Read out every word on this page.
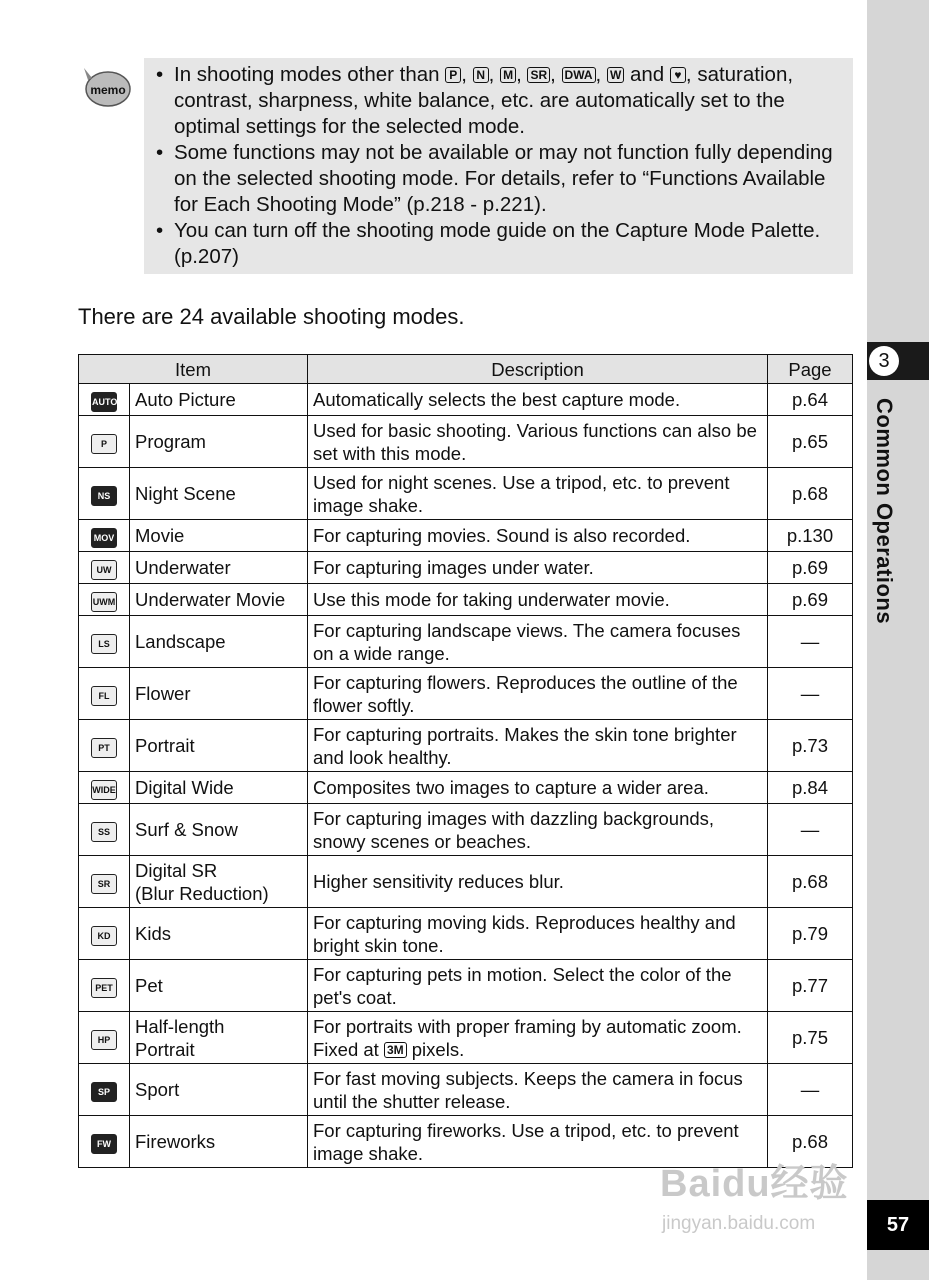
3
Common Operations
57
memo
• In shooting modes other than P , N , M , SR , DWA , W and ♥ , saturation, contrast, sharpness, white balance, etc. are automatically set to the optimal settings for the selected mode.
• Some functions may not be available or may not function fully depending on the selected shooting mode. For details, refer to “Functions Available for Each Shooting Mode” (p.218 - p.221).
• You can turn off the shooting mode guide on the Capture Mode Palette. (p.207)
There are 24 available shooting modes.
Item		Description	Page
AUTO	Auto Picture	Automatically selects the best capture mode.	p.64
P	Program	Used for basic shooting. Various functions can also be set with this mode.	p.65
NS	Night Scene	Used for night scenes. Use a tripod, etc. to prevent image shake.	p.68
MOV	Movie	For capturing movies. Sound is also recorded.	p.130
UW	Underwater	For capturing images under water.	p.69
UWM	Underwater Movie	Use this mode for taking underwater movie.	p.69
LS	Landscape	For capturing landscape views. The camera focuses on a wide range.	—
FL	Flower	For capturing flowers. Reproduces the outline of the flower softly.	—
PT	Portrait	For capturing portraits. Makes the skin tone brighter and look healthy.	p.73
WIDE	Digital Wide	Composites two images to capture a wider area.	p.84
SS	Surf & Snow	For capturing images with dazzling backgrounds, snowy scenes or beaches.	—
SR	Digital SR
(Blur Reduction)	Higher sensitivity reduces blur.	p.68
KD	Kids	For capturing moving kids. Reproduces healthy and bright skin tone.	p.79
PET	Pet	For capturing pets in motion. Select the color of the pet's coat.	p.77
HP	Half-length
Portrait	For portraits with proper framing by automatic zoom. Fixed at 3M pixels.	p.75
SP	Sport	For fast moving subjects. Keeps the camera in focus until the shutter release.	—
FW	Fireworks	For capturing fireworks. Use a tripod, etc. to prevent image shake.	p.68
Baidu经验
jingyan.baidu.com
